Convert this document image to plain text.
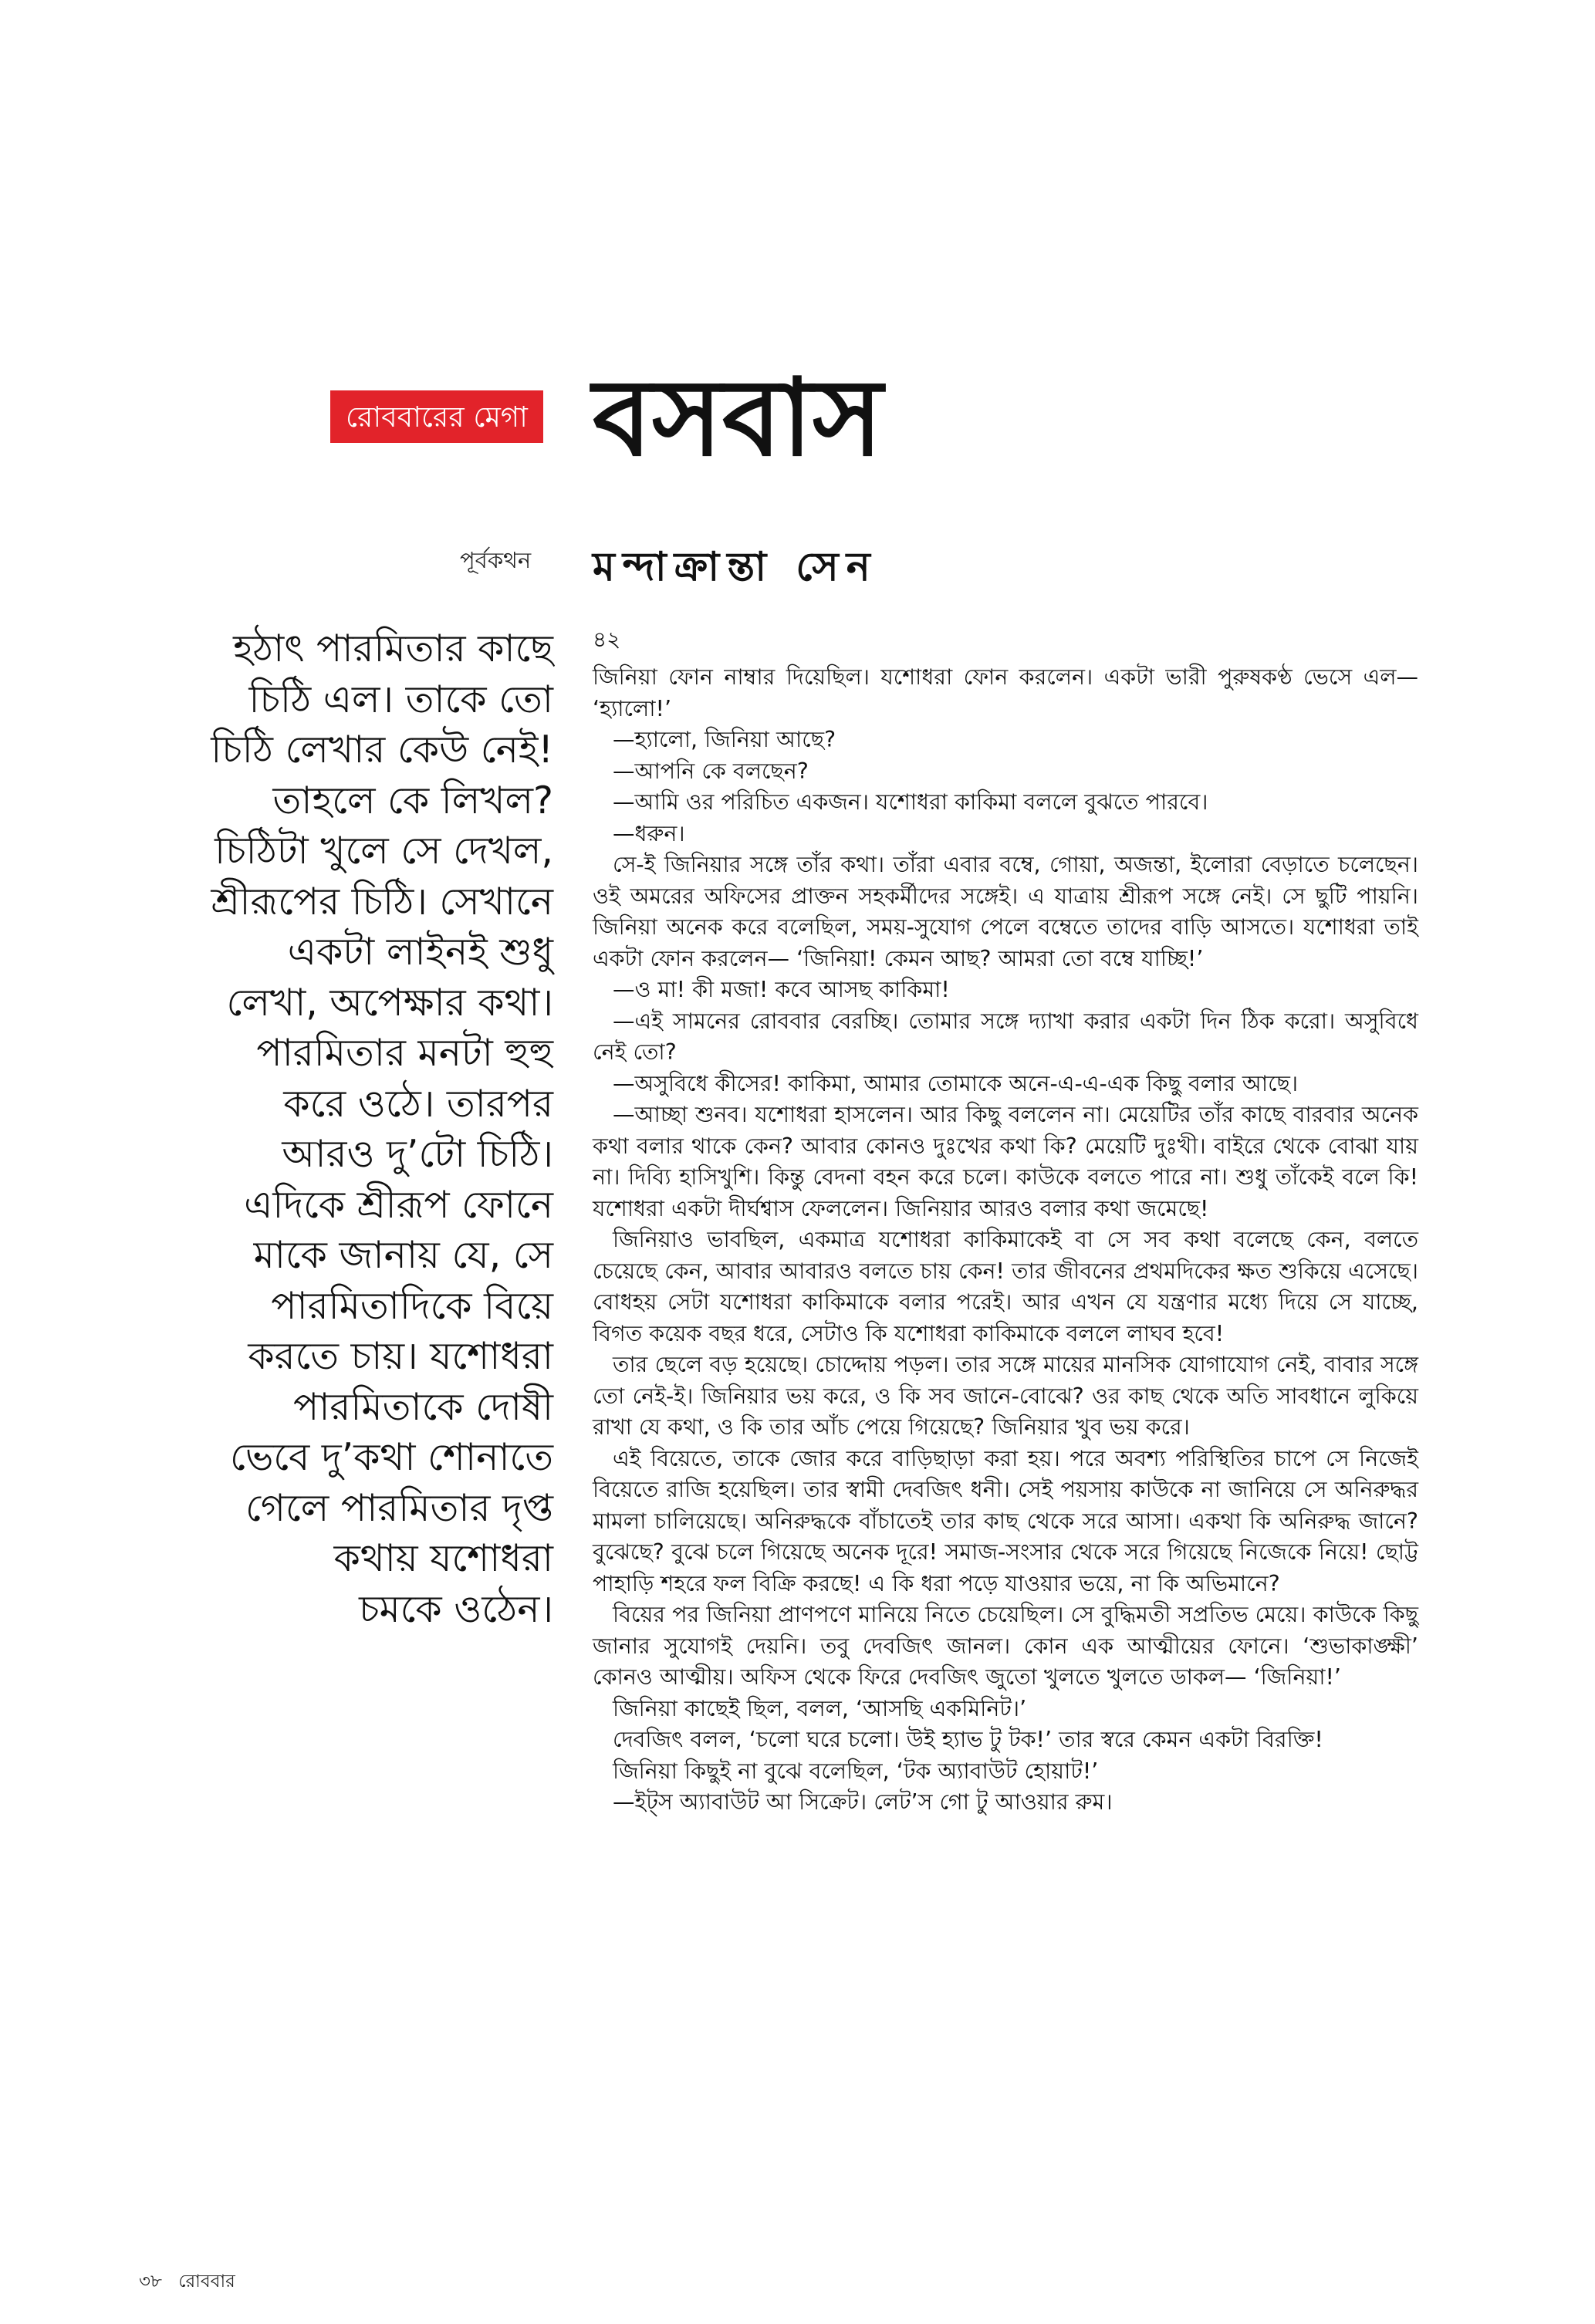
রোববারের মেগা বসবাস
পূর্বকথন মন্দাক্রান্তা সেন
হঠাৎ পারমিতার কাছে
চিঠি এল। তাকে তো
চিঠি লেখার কেউ নেই!
তাহলে কে লিখল?
চিঠিটা খুলে সে দেখল,
শ্রীরূপের চিঠি। সেখানে
একটা লাইনই শুধু
লেখা, অপেক্ষার কথা।
পারমিতার মনটা হুহু
করে ওঠে। তারপর
আরও দু’টো চিঠি।
এদিকে শ্রীরূপ ফোনে
মাকে জানায় যে, সে
পারমিতাদিকে বিয়ে
করতে চায়। যশোধরা
পারমিতাকে দোষী
ভেবে দু’কথা শোনাতে
গেলে পারমিতার দৃপ্ত
কথায় যশোধরা
চমকে ওঠেন।
৪২

জিনিয়া ফোন নাম্বার দিয়েছিল। যশোধরা ফোন করলেন। একটা ভারী পুরুষকণ্ঠ ভেসে এল— ‘হ্যালো!’

—হ্যালো, জিনিয়া আছে?

—আপনি কে বলছেন?

—আমি ওর পরিচিত একজন। যশোধরা কাকিমা বললে বুঝতে পারবে।

—ধরুন।

সে-ই জিনিয়ার সঙ্গে তাঁর কথা। তাঁরা এবার বম্বে, গোয়া, অজন্তা, ইলোরা বেড়াতে চলেছেন। ওই অমরের অফিসের প্রাক্তন সহকর্মীদের সঙ্গেই। এ যাত্রায় শ্রীরূপ সঙ্গে নেই। সে ছুটি পায়নি। জিনিয়া অনেক করে বলেছিল, সময়-সুযোগ পেলে বম্বেতে তাদের বাড়ি আসতে। যশোধরা তাই একটা ফোন করলেন— ‘জিনিয়া! কেমন আছ? আমরা তো বম্বে যাচ্ছি!’

—ও মা! কী মজা! কবে আসছ কাকিমা!

—এই সামনের রোববার বেরচ্ছি। তোমার সঙ্গে দ্যাখা করার একটা দিন ঠিক করো। অসুবিধে নেই তো?

—অসুবিধে কীসের! কাকিমা, আমার তোমাকে অনে-এ-এ-এক কিছু বলার আছে।

—আচ্ছা শুনব। যশোধরা হাসলেন। আর কিছু বললেন না। মেয়েটির তাঁর কাছে বারবার অনেক কথা বলার থাকে কেন? আবার কোনও দুঃখের কথা কি? মেয়েটি দুঃখী। বাইরে থেকে বোঝা যায় না। দিব্যি হাসিখুশি। কিন্তু বেদনা বহন করে চলে। কাউকে বলতে পারে না। শুধু তাঁকেই বলে কি! যশোধরা একটা দীর্ঘশ্বাস ফেললেন। জিনিয়ার আরও বলার কথা জমেছে!

জিনিয়াও ভাবছিল, একমাত্র যশোধরা কাকিমাকেই বা সে সব কথা বলেছে কেন, বলতে চেয়েছে কেন, আবার আবারও বলতে চায় কেন! তার জীবনের প্রথমদিকের ক্ষত শুকিয়ে এসেছে। বোধহয় সেটা যশোধরা কাকিমাকে বলার পরেই। আর এখন যে যন্ত্রণার মধ্যে দিয়ে সে যাচ্ছে, বিগত কয়েক বছর ধরে, সেটাও কি যশোধরা কাকিমাকে বললে লাঘব হবে!

তার ছেলে বড় হয়েছে। চোদ্দোয় পড়ল। তার সঙ্গে মায়ের মানসিক যোগাযোগ নেই, বাবার সঙ্গে তো নেই-ই। জিনিয়ার ভয় করে, ও কি সব জানে-বোঝে? ওর কাছ থেকে অতি সাবধানে লুকিয়ে রাখা যে কথা, ও কি তার আঁচ পেয়ে গিয়েছে? জিনিয়ার খুব ভয় করে।

এই বিয়েতে, তাকে জোর করে বাড়িছাড়া করা হয়। পরে অবশ্য পরিস্থিতির চাপে সে নিজেই বিয়েতে রাজি হয়েছিল। তার স্বামী দেবজিৎ ধনী। সেই পয়সায় কাউকে না জানিয়ে সে অনিরুদ্ধর মামলা চালিয়েছে। অনিরুদ্ধকে বাঁচাতেই তার কাছ থেকে সরে আসা। একথা কি অনিরুদ্ধ জানে? বুঝেছে? বুঝে চলে গিয়েছে অনেক দূরে! সমাজ-সংসার থেকে সরে গিয়েছে নিজেকে নিয়ে! ছোট্ট পাহাড়ি শহরে ফল বিক্রি করছে! এ কি ধরা পড়ে যাওয়ার ভয়ে, না কি অভিমানে?

বিয়ের পর জিনিয়া প্রাণপণে মানিয়ে নিতে চেয়েছিল। সে বুদ্ধিমতী সপ্রতিভ মেয়ে। কাউকে কিছু জানার সুযোগই দেয়নি। তবু দেবজিৎ জানল। কোন এক আত্মীয়ের ফোনে। ‘শুভাকাঙ্ক্ষী’ কোনও আত্মীয়। অফিস থেকে ফিরে দেবজিৎ জুতো খুলতে খুলতে ডাকল— ‘জিনিয়া!’

জিনিয়া কাছেই ছিল, বলল, ‘আসছি একমিনিট।’

দেবজিৎ বলল, ‘চলো ঘরে চলো। উই হ্যাভ টু টক!’ তার স্বরে কেমন একটা বিরক্তি!

জিনিয়া কিছুই না বুঝে বলেছিল, ‘টক অ্যাবাউট হোয়াট!’

—ইট্স অ্যাবাউট আ সিক্রেট। লেট’স গো টু আওয়ার রুম।

৩৮ রোববার
